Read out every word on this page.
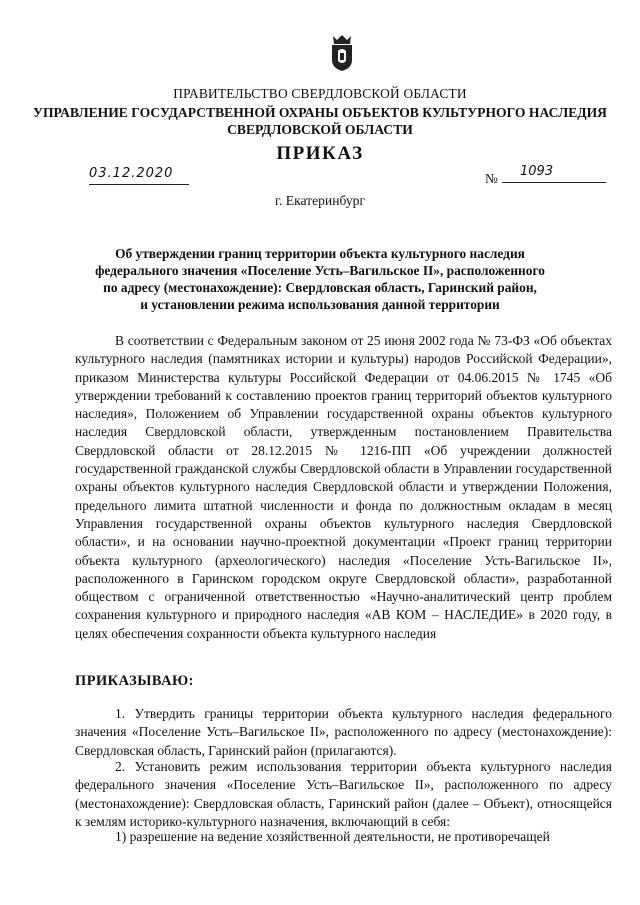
ПРАВИТЕЛЬСТВО СВЕРДЛОВСКОЙ ОБЛАСТИ
УПРАВЛЕНИЕ ГОСУДАРСТВЕННОЙ ОХРАНЫ ОБЪЕКТОВ КУЛЬТУРНОГО НАСЛЕДИЯ
СВЕРДЛОВСКОЙ ОБЛАСТИ
ПРИКАЗ
03.12.2020	№	1093
г. Екатеринбург
Об утверждении границ территории объекта культурного наследия
федерального значения «Поселение Усть–Вагильское II», расположенного
по адресу (местонахождение): Свердловская область, Гаринский район,
и установлении режима использования данной территории
В соответствии с Федеральным законом от 25 июня 2002 года № 73-ФЗ «Об объектах культурного наследия (памятниках истории и культуры) народов Российской Федерации», приказом Министерства культуры Российской Федерации от 04.06.2015 № 1745 «Об утверждении требований к составлению проектов границ территорий объектов культурного наследия», Положением об Управлении государственной охраны объектов культурного наследия Свердловской области, утвержденным постановлением Правительства Свердловской области от 28.12.2015 № 1216-ПП «Об учреждении должностей государственной гражданской службы Свердловской области в Управлении государственной охраны объектов культурного наследия Свердловской области и утверждении Положения, предельного лимита штатной численности и фонда по должностным окладам в месяц Управления государственной охраны объектов культурного наследия Свердловской области», и на основании научно-проектной документации «Проект границ территории объекта культурного (археологического) наследия «Поселение Усть-Вагильское II», расположенного в Гаринском городском округе Свердловской области», разработанной обществом с ограниченной ответственностью «Научно-аналитический центр проблем сохранения культурного и природного наследия «АВ КОМ – НАСЛЕДИЕ» в 2020 году, в целях обеспечения сохранности объекта культурного наследия
ПРИКАЗЫВАЮ:
1. Утвердить границы территории объекта культурного наследия федерального значения «Поселение Усть–Вагильское II», расположенного по адресу (местонахождение): Свердловская область, Гаринский район (прилагаются).
2. Установить режим использования территории объекта культурного наследия федерального значения «Поселение Усть–Вагильское II», расположенного по адресу (местонахождение): Свердловская область, Гаринский район (далее – Объект), относящейся к землям историко-культурного назначения, включающий в себя:
1) разрешение на ведение хозяйственной деятельности, не противоречащей
